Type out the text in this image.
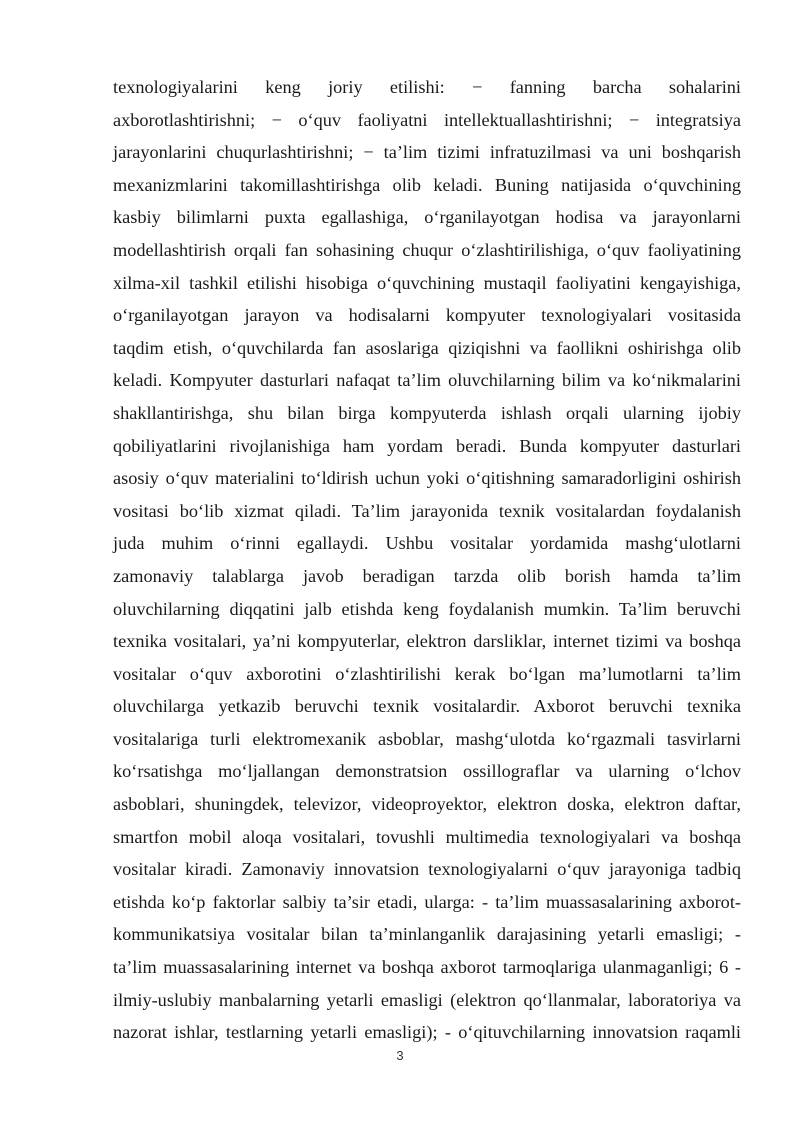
texnologiyalarini keng joriy etilishi: − fanning barcha sohalarini
axborotlashtirishni; − o‘quv faoliyatni intellektuallashtirishni; − integratsiya
jarayonlarini chuqurlashtirishni; − ta’lim tizimi infratuzilmasi va uni boshqarish
mexanizmlarini takomillashtirishga olib keladi. Buning natijasida o‘quvchining
kasbiy bilimlarni puxta egallashiga, o‘rganilayotgan hodisa va jarayonlarni
modellashtirish orqali fan sohasining chuqur o‘zlashtirilishiga, o‘quv faoliyatining
xilma-xil tashkil etilishi hisobiga o‘quvchining mustaqil faoliyatini kengayishiga,
o‘rganilayotgan jarayon va hodisalarni kompyuter texnologiyalari vositasida
taqdim etish, o‘quvchilarda fan asoslariga qiziqishni va faollikni oshirishga olib
keladi. Kompyuter dasturlari nafaqat ta’lim oluvchilarning bilim va ko‘nikmalarini
shakllantirishga, shu bilan birga kompyuterda ishlash orqali ularning ijobiy
qobiliyatlarini rivojlanishiga ham yordam beradi. Bunda kompyuter dasturlari
asosiy o‘quv materialini to‘ldirish uchun yoki o‘qitishning samaradorligini oshirish
vositasi bo‘lib xizmat qiladi. Ta’lim jarayonida texnik vositalardan foydalanish
juda muhim o‘rinni egallaydi. Ushbu vositalar yordamida mashg‘ulotlarni
zamonaviy talablarga javob beradigan tarzda olib borish hamda ta’lim
oluvchilarning diqqatini jalb etishda keng foydalanish mumkin. Ta’lim beruvchi
texnika vositalari, ya’ni kompyuterlar, elektron darsliklar, internet tizimi va boshqa
vositalar o‘quv axborotini o‘zlashtirilishi kerak bo‘lgan ma’lumotlarni ta’lim
oluvchilarga yetkazib beruvchi texnik vositalardir. Axborot beruvchi texnika
vositalariga turli elektromexanik asboblar, mashg‘ulotda ko‘rgazmali tasvirlarni
ko‘rsatishga mo‘ljallangan demonstratsion ossillograflar va ularning o‘lchov
asboblari, shuningdek, televizor, videoproyektor, elektron doska, elektron daftar,
smartfon mobil aloqa vositalari, tovushli multimedia texnologiyalari va boshqa
vositalar kiradi. Zamonaviy innovatsion texnologiyalarni o‘quv jarayoniga tadbiq
etishda ko‘p faktorlar salbiy ta’sir etadi, ularga: - ta’lim muassasalarining axborot-
kommunikatsiya vositalar bilan ta’minlanganlik darajasining yetarli emasligi; -
ta’lim muassasalarining internet va boshqa axborot tarmoqlariga ulanmaganligi; 6 -
ilmiy-uslubiy manbalarning yetarli emasligi (elektron qo‘llanmalar, laboratoriya va
nazorat ishlar, testlarning yetarli emasligi); - o‘qituvchilarning innovatsion raqamli
3
